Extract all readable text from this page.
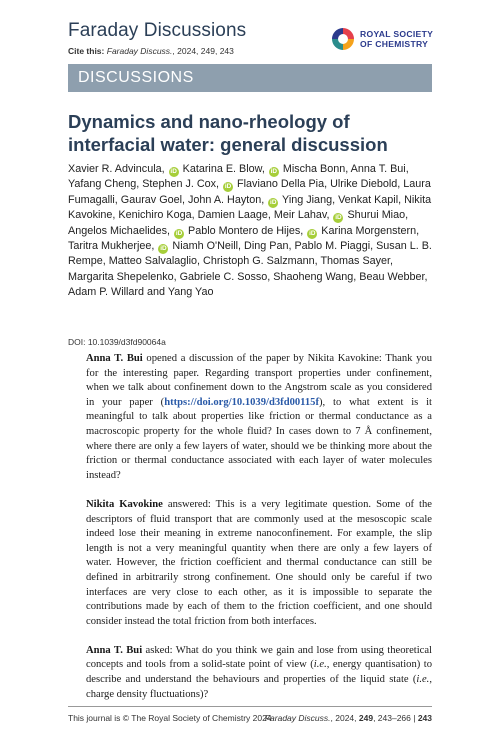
Faraday Discussions
Cite this: Faraday Discuss., 2024, 249, 243
ROYAL SOCIETY
OF CHEMISTRY
DISCUSSIONS
Dynamics and nano-rheology of interfacial water: general discussion
Xavier R. Advincula, iD Katarina E. Blow, iD Mischa Bonn, Anna T. Bui, Yafang Cheng, Stephen J. Cox, iD Flaviano Della Pia, Ulrike Diebold, Laura Fumagalli, Gaurav Goel, John A. Hayton, iD Ying Jiang, Venkat Kapil, Nikita Kavokine, Kenichiro Koga, Damien Laage, Meir Lahav, iD Shurui Miao, Angelos Michaelides, iD Pablo Montero de Hijes, iD Karina Morgenstern, Taritra Mukherjee, iD Niamh O'Neill, Ding Pan, Pablo M. Piaggi, Susan L. B. Rempe, Matteo Salvalaglio, Christoph G. Salzmann, Thomas Sayer, Margarita Shepelenko, Gabriele C. Sosso, Shaoheng Wang, Beau Webber, Adam P. Willard and Yang Yao
DOI: 10.1039/d3fd90064a

Anna T. Bui opened a discussion of the paper by Nikita Kavokine: Thank you for the interesting paper. Regarding transport properties under confinement, when we talk about confinement down to the Angstrom scale as you considered in your paper (https://doi.org/10.1039/d3fd00115f), to what extent is it meaningful to talk about properties like friction or thermal conductance as a macroscopic property for the whole fluid? In cases down to 7 Å confinement, where there are only a few layers of water, should we be thinking more about the friction or thermal conductance associated with each layer of water molecules instead?

Nikita Kavokine answered: This is a very legitimate question. Some of the descriptors of fluid transport that are commonly used at the mesoscopic scale indeed lose their meaning in extreme nanoconfinement. For example, the slip length is not a very meaningful quantity when there are only a few layers of water. However, the friction coefficient and thermal conductance can still be defined in arbitrarily strong confinement. One should only be careful if two interfaces are very close to each other, as it is impossible to separate the contributions made by each of them to the friction coefficient, and one should consider instead the total friction from both interfaces.

Anna T. Bui asked: What do you think we gain and lose from using theoretical concepts and tools from a solid-state point of view (i.e., energy quantisation) to describe and understand the behaviours and properties of the liquid state (i.e., charge density fluctuations)?

This journal is © The Royal Society of Chemistry 2024
Faraday Discuss., 2024, 249, 243–266 | 243
